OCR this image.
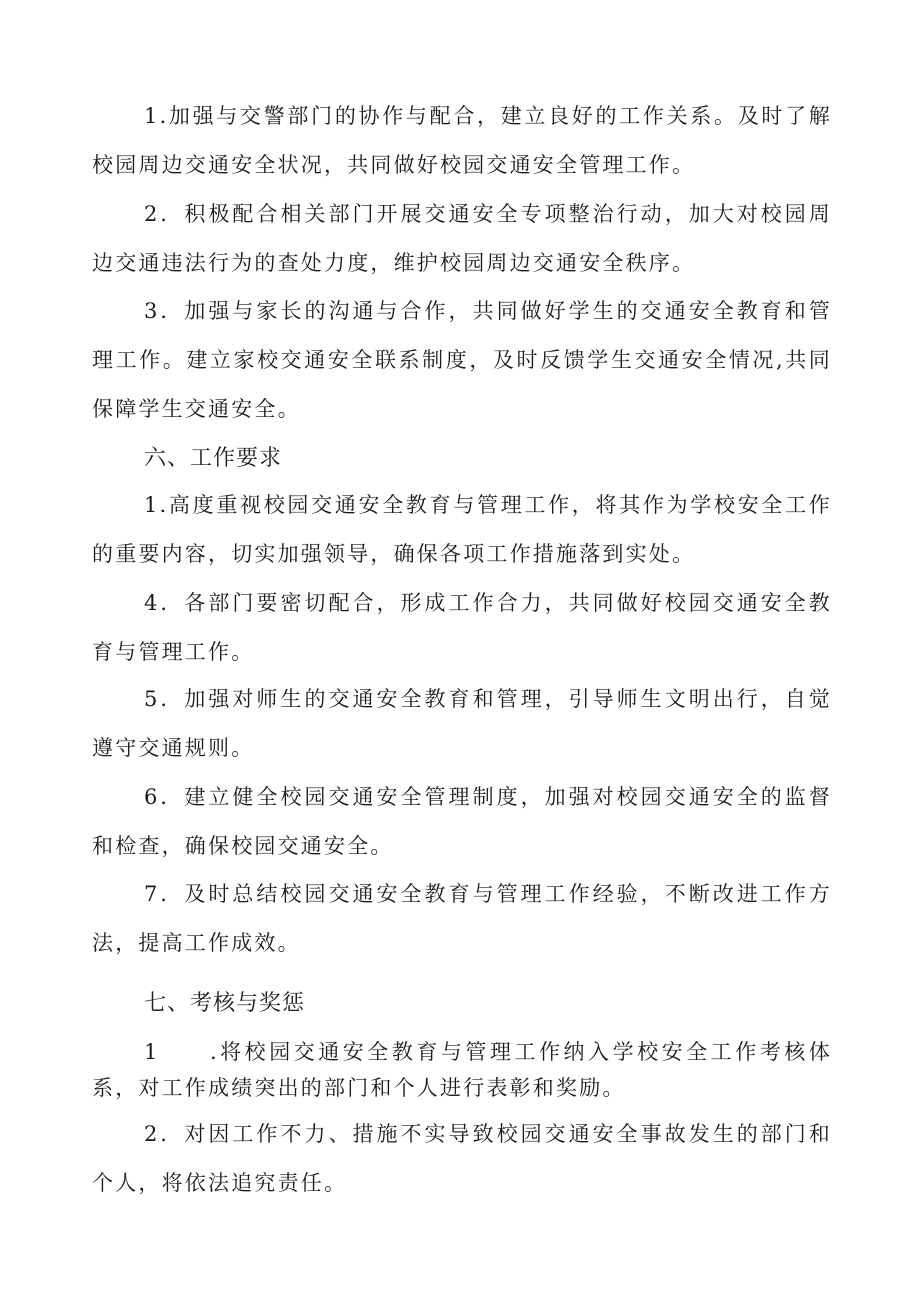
1.加强与交警部门的协作与配合，建立良好的工作关系。及时了解校园周边交通安全状况，共同做好校园交通安全管理工作。

2．积极配合相关部门开展交通安全专项整治行动，加大对校园周边交通违法行为的查处力度，维护校园周边交通安全秩序。

3．加强与家长的沟通与合作，共同做好学生的交通安全教育和管理工作。建立家校交通安全联系制度，及时反馈学生交通安全情况,共同保障学生交通安全。

六、工作要求

1.高度重视校园交通安全教育与管理工作，将其作为学校安全工作的重要内容，切实加强领导，确保各项工作措施落到实处。

4．各部门要密切配合，形成工作合力，共同做好校园交通安全教育与管理工作。

5．加强对师生的交通安全教育和管理，引导师生文明出行，自觉遵守交通规则。

6．建立健全校园交通安全管理制度，加强对校园交通安全的监督和检查，确保校园交通安全。

7．及时总结校园交通安全教育与管理工作经验，不断改进工作方法，提高工作成效。

七、考核与奖惩

1　　.将校园交通安全教育与管理工作纳入学校安全工作考核体系，对工作成绩突出的部门和个人进行表彰和奖励。

2．对因工作不力、措施不实导致校园交通安全事故发生的部门和个人，将依法追究责任。
